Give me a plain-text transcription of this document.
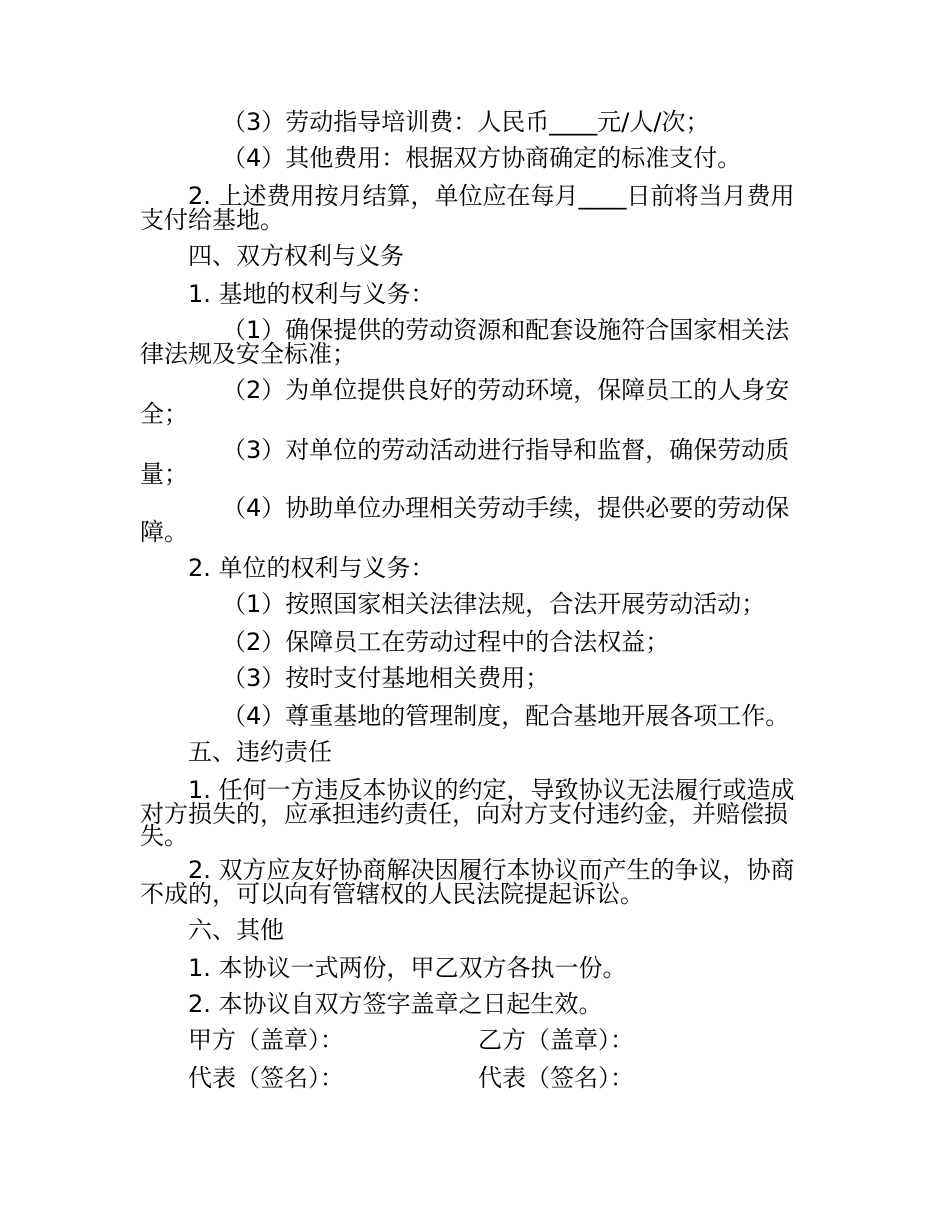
（3）劳动指导培训费：人民币____元/人/次；
（4）其他费用：根据双方协商确定的标准支付。
2. 上述费用按月结算，单位应在每月____日前将当月费用
支付给基地。
四、双方权利与义务
1. 基地的权利与义务：
（1）确保提供的劳动资源和配套设施符合国家相关法
律法规及安全标准；
（2）为单位提供良好的劳动环境，保障员工的人身安
全；
（3）对单位的劳动活动进行指导和监督，确保劳动质
量；
（4）协助单位办理相关劳动手续，提供必要的劳动保
障。
2. 单位的权利与义务：
（1）按照国家相关法律法规，合法开展劳动活动；
（2）保障员工在劳动过程中的合法权益；
（3）按时支付基地相关费用；
（4）尊重基地的管理制度，配合基地开展各项工作。
五、违约责任
1. 任何一方违反本协议的约定，导致协议无法履行或造成
对方损失的，应承担违约责任，向对方支付违约金，并赔偿损
失。
2. 双方应友好协商解决因履行本协议而产生的争议，协商
不成的，可以向有管辖权的人民法院提起诉讼。
六、其他
1. 本协议一式两份，甲乙双方各执一份。
2. 本协议自双方签字盖章之日起生效。
甲方（盖章）：	乙方（盖章）：
代表（签名）：	代表（签名）：
